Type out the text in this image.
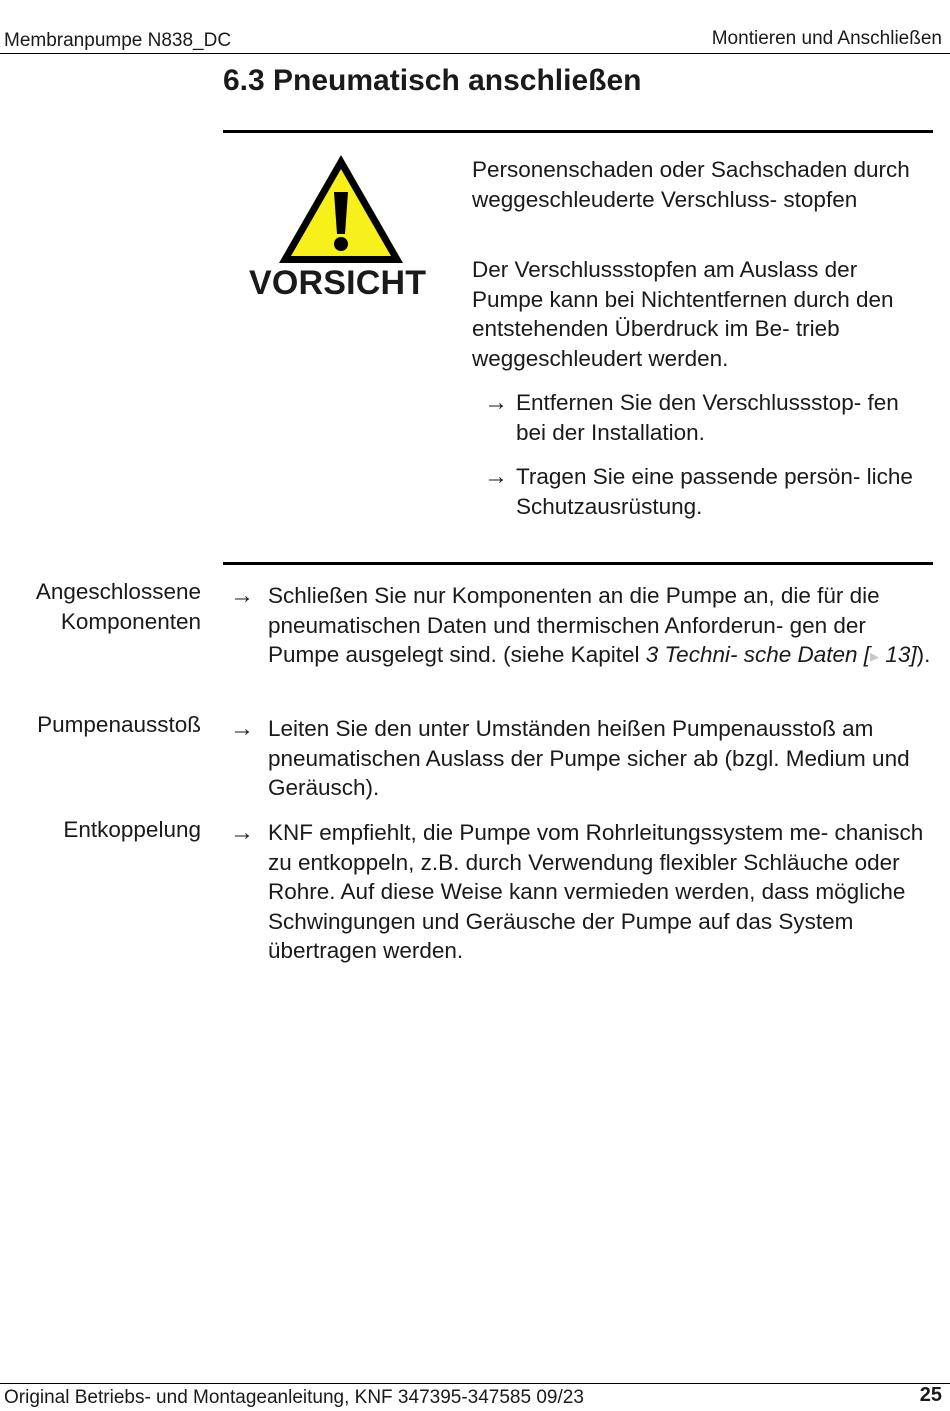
Membranpumpe N838_DC	Montieren und Anschließen
6.3 Pneumatisch anschließen
VORSICHT

Personenschaden oder Sachschaden durch weggeschleuderte Verschluss- stopfen

Der Verschlussstopfen am Auslass der Pumpe kann bei Nichtentfernen durch den entstehenden Überdruck im Be- trieb weggeschleudert werden.

→ Entfernen Sie den Verschlussstop- fen bei der Installation.
→ Tragen Sie eine passende persön- liche Schutzausrüstung.
Angeschlossene Komponenten
Pumpenausstoß
Entkoppelung
→ Schließen Sie nur Komponenten an die Pumpe an, die für die pneumatischen Daten und thermischen Anforderun- gen der Pumpe ausgelegt sind. (siehe Kapitel 3 Techni- sche Daten [▸ 13]).
→ Leiten Sie den unter Umständen heißen Pumpenausstoß am pneumatischen Auslass der Pumpe sicher ab (bzgl. Medium und Geräusch).
→ KNF empfiehlt, die Pumpe vom Rohrleitungssystem me- chanisch zu entkoppeln, z.B. durch Verwendung flexibler Schläuche oder Rohre. Auf diese Weise kann vermieden werden, dass mögliche Schwingungen und Geräusche der Pumpe auf das System übertragen werden.
Original Betriebs- und Montageanleitung, KNF 347395-347585 09/23	25
